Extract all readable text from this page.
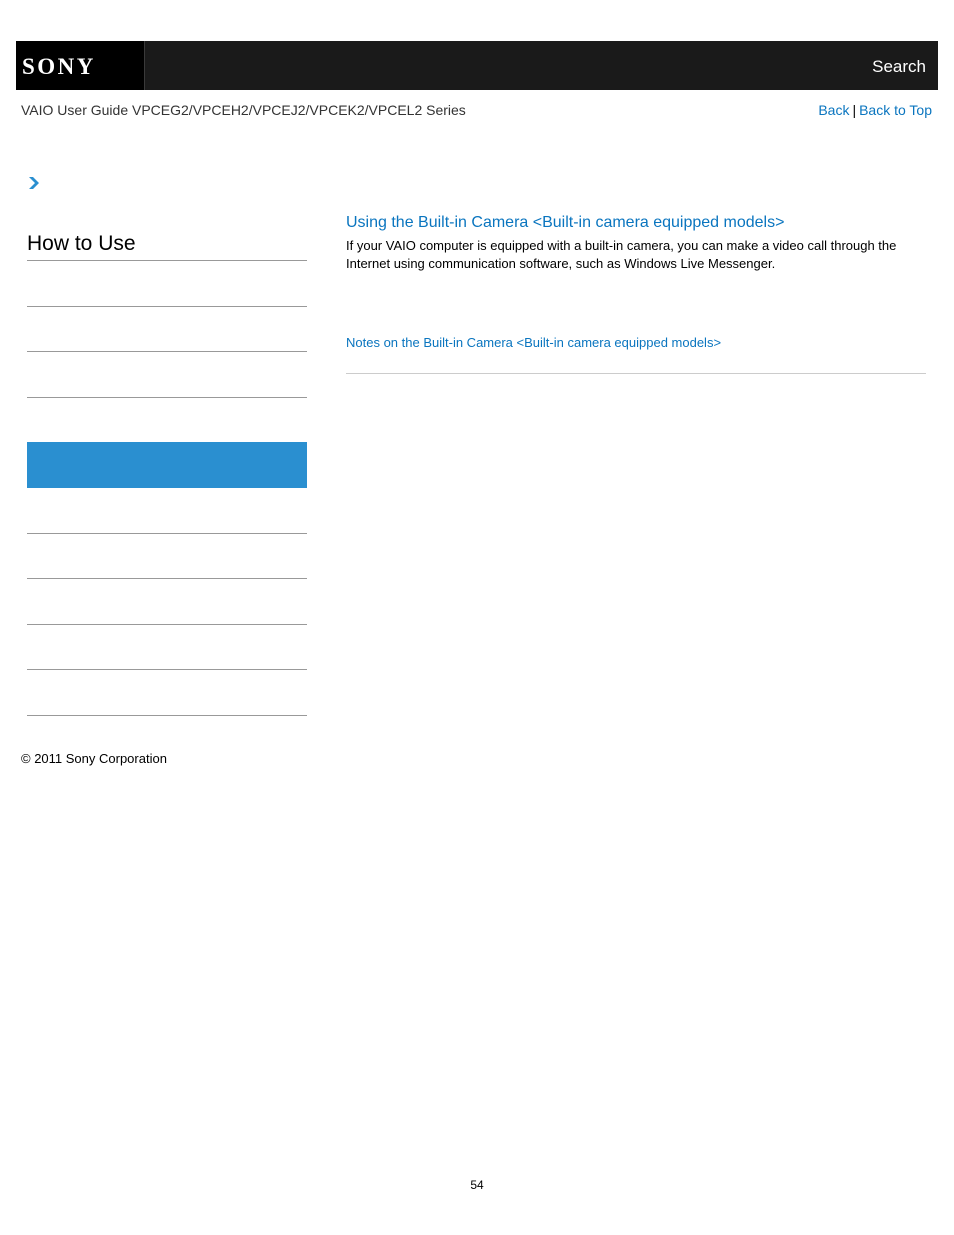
SONY	Search
VAIO User Guide VPCEG2/VPCEH2/VPCEJ2/VPCEK2/VPCEL2 Series	Back | Back to Top
How to Use
© 2011 Sony Corporation
Using the Built-in Camera <Built-in camera equipped models>

If your VAIO computer is equipped with a built-in camera, you can make a video call through the Internet using communication software, such as Windows Live Messenger.

Notes on the Built-in Camera <Built-in camera equipped models>
54
